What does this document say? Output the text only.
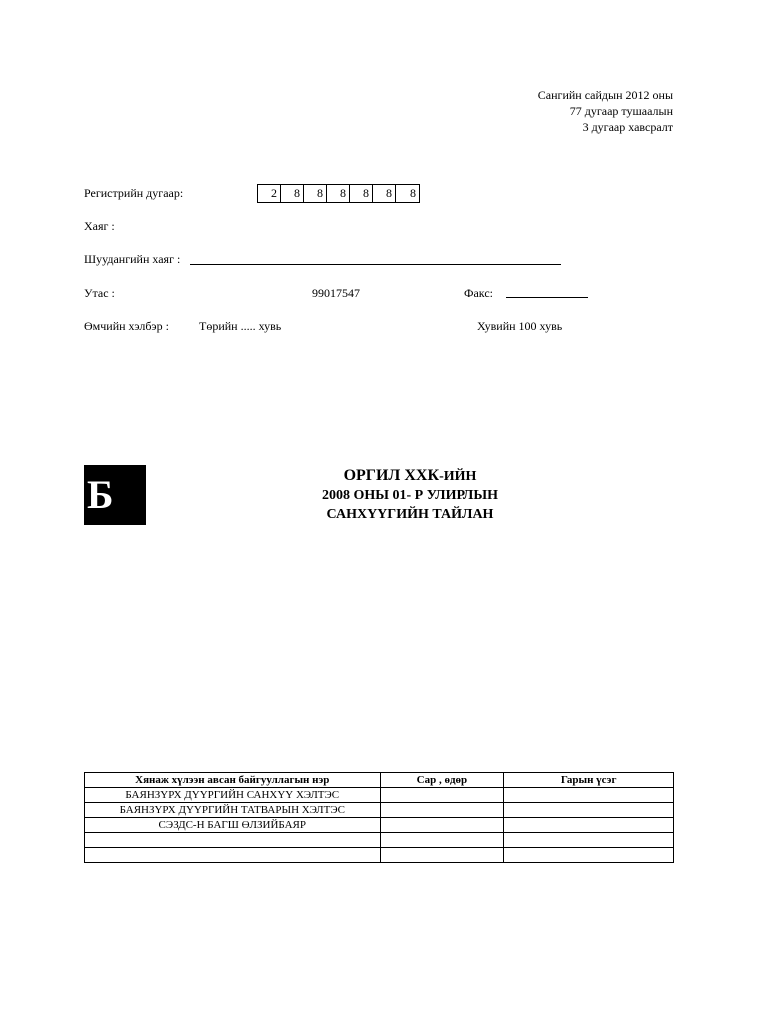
Сангийн сайдын 2012 оны
77 дугаар тушаалын
3 дугаар хавсралт
Регистрийн дугаар:	2	8	8	8	8	8	8
Хаяг :
Шуудангийн хаяг :
Утас :	99017547	Факс:
Өмчийн хэлбэр :	Төрийн ..... хувь	Хувийн 100 хувь
Б	ОРГИЛ ХХК-ИЙН
2008 ОНЫ 01- Р УЛИРЛЫН
САНХҮҮГИЙН ТАЙЛАН
Хянаж хүлээн авсан байгууллагын нэр	Сар , өдөр	Гарын үсэг
БАЯНЗҮРХ ДҮҮРГИЙН САНХҮҮ ХЭЛТЭС		
БАЯНЗҮРХ ДҮҮРГИЙН ТАТВАРЫН ХЭЛТЭС		
СЭЗДС-Н БАГШ ӨЛЗИЙБАЯР		
